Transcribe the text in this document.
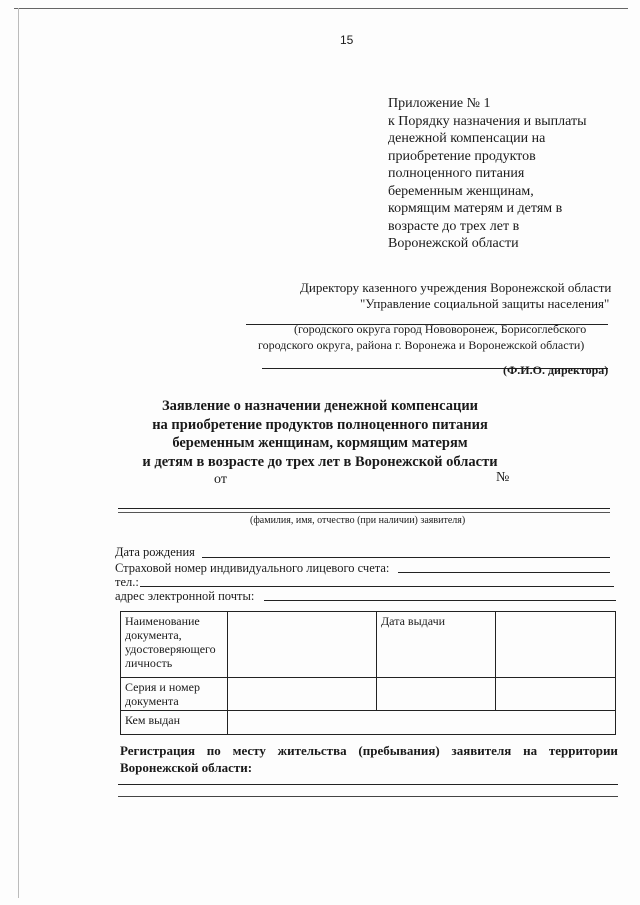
15
Приложение № 1
к Порядку назначения и выплаты
денежной компенсации на
приобретение продуктов
полноценного питания
беременным женщинам,
кормящим матерям и детям в
возрасте до трех лет в
Воронежской области
Директору казенного учреждения Воронежской области
"Управление социальной защиты населения"
(городского округа город Нововоронеж, Борисоглебского
городского округа, района г. Воронежа и Воронежской области)
(Ф.И.О. директора)
Заявление о назначении денежной компенсации
на приобретение продуктов полноценного питания
беременным женщинам, кормящим матерям
и детям в возрасте до трех лет в Воронежской области
от	№
(фамилия, имя, отчество (при наличии) заявителя)
Дата рождения
Страховой номер индивидуального лицевого счета:
тел.:
адрес электронной почты:
Наименование документа, удостоверяющего личность		Дата выдачи	
Серия и номер документа			
Кем выдан			
Регистрация по месту жительства (пребывания) заявителя на территории
Воронежской области:
